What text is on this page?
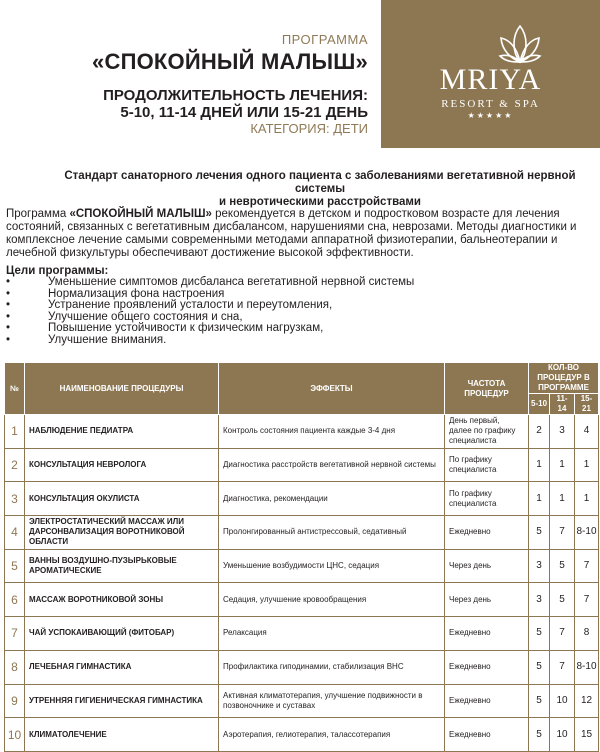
ПРОГРАММА
«СПОКОЙНЫЙ МАЛЫШ»
ПРОДОЛЖИТЕЛЬНОСТЬ ЛЕЧЕНИЯ:
5-10, 11-14 ДНЕЙ ИЛИ 15-21 ДЕНЬ
КАТЕГОРИЯ: ДЕТИ
MRIYA
RESORT & SPA
★★★★★
Стандарт санаторного лечения одного пациента с заболеваниями вегетативной нервной системы
и невротическими расстройствами

Программа «СПОКОЙНЫЙ МАЛЫШ» рекомендуется в детском и подростковом возрасте для лечения состояний, связанных с вегетативным дисбалансом, нарушениями сна, неврозами. Методы диагностики и комплексное лечение самыми современными методами аппаратной физиотерапии, бальнеотерапии и лечебной физкультуры обеспечивают достижение высокой эффективности.

Цели программы:
•	Уменьшение симптомов дисбаланса вегетативной нервной системы
•	Нормализация фона настроения
•	Устранение проявлений усталости и переутомления,
•	Улучшение общего состояния и сна,
•	Повышение устойчивости к физическим нагрузкам,
•	Улучшение внимания.
№	НАИМЕНОВАНИЕ ПРОЦЕДУРЫ	ЭФФЕКТЫ	ЧАСТОТА ПРОЦЕДУР	КОЛ-ВО ПРОЦЕДУР В ПРОГРАММЕ		
				5-10	11-14	15-21
1	НАБЛЮДЕНИЕ ПЕДИАТРА	Контроль состояния пациента каждые 3-4 дня	День первый, далее по графику специалиста	2	3	4
2	КОНСУЛЬТАЦИЯ НЕВРОЛОГА	Диагностика расстройств вегетативной нервной системы	По графику специалиста	1	1	1
3	КОНСУЛЬТАЦИЯ ОКУЛИСТА	Диагностика, рекомендации	По графику специалиста	1	1	1
4	ЭЛЕКТРОСТАТИЧЕСКИЙ МАССАЖ ИЛИ ДАРСОНВАЛИЗАЦИЯ ВОРОТНИКОВОЙ ОБЛАСТИ	Пролонгированный антистрессовый, седативный	Ежедневно	5	7	8-10
5	ВАННЫ ВОЗДУШНО-ПУЗЫРЬКОВЫЕ АРОМАТИЧЕСКИЕ	Уменьшение возбудимости ЦНС, седация	Через день	3	5	7
6	МАССАЖ ВОРОТНИКОВОЙ ЗОНЫ	Седация, улучшение кровообращения	Через день	3	5	7
7	ЧАЙ УСПОКАИВАЮЩИЙ (ФИТОБАР)	Релаксация	Ежедневно	5	7	8
8	ЛЕЧЕБНАЯ ГИМНАСТИКА	Профилактика гиподинамии, стабилизация ВНС	Ежедневно	5	7	8-10
9	УТРЕННЯЯ ГИГИЕНИЧЕСКАЯ ГИМНАСТИКА	Активная климатотерапия, улучшение подвижности в позвоночнике и суставах	Ежедневно	5	10	12
10	КЛИМАТОЛЕЧЕНИЕ	Аэротерапия, гелиотерапия, талассотерапия	Ежедневно	5	10	15
